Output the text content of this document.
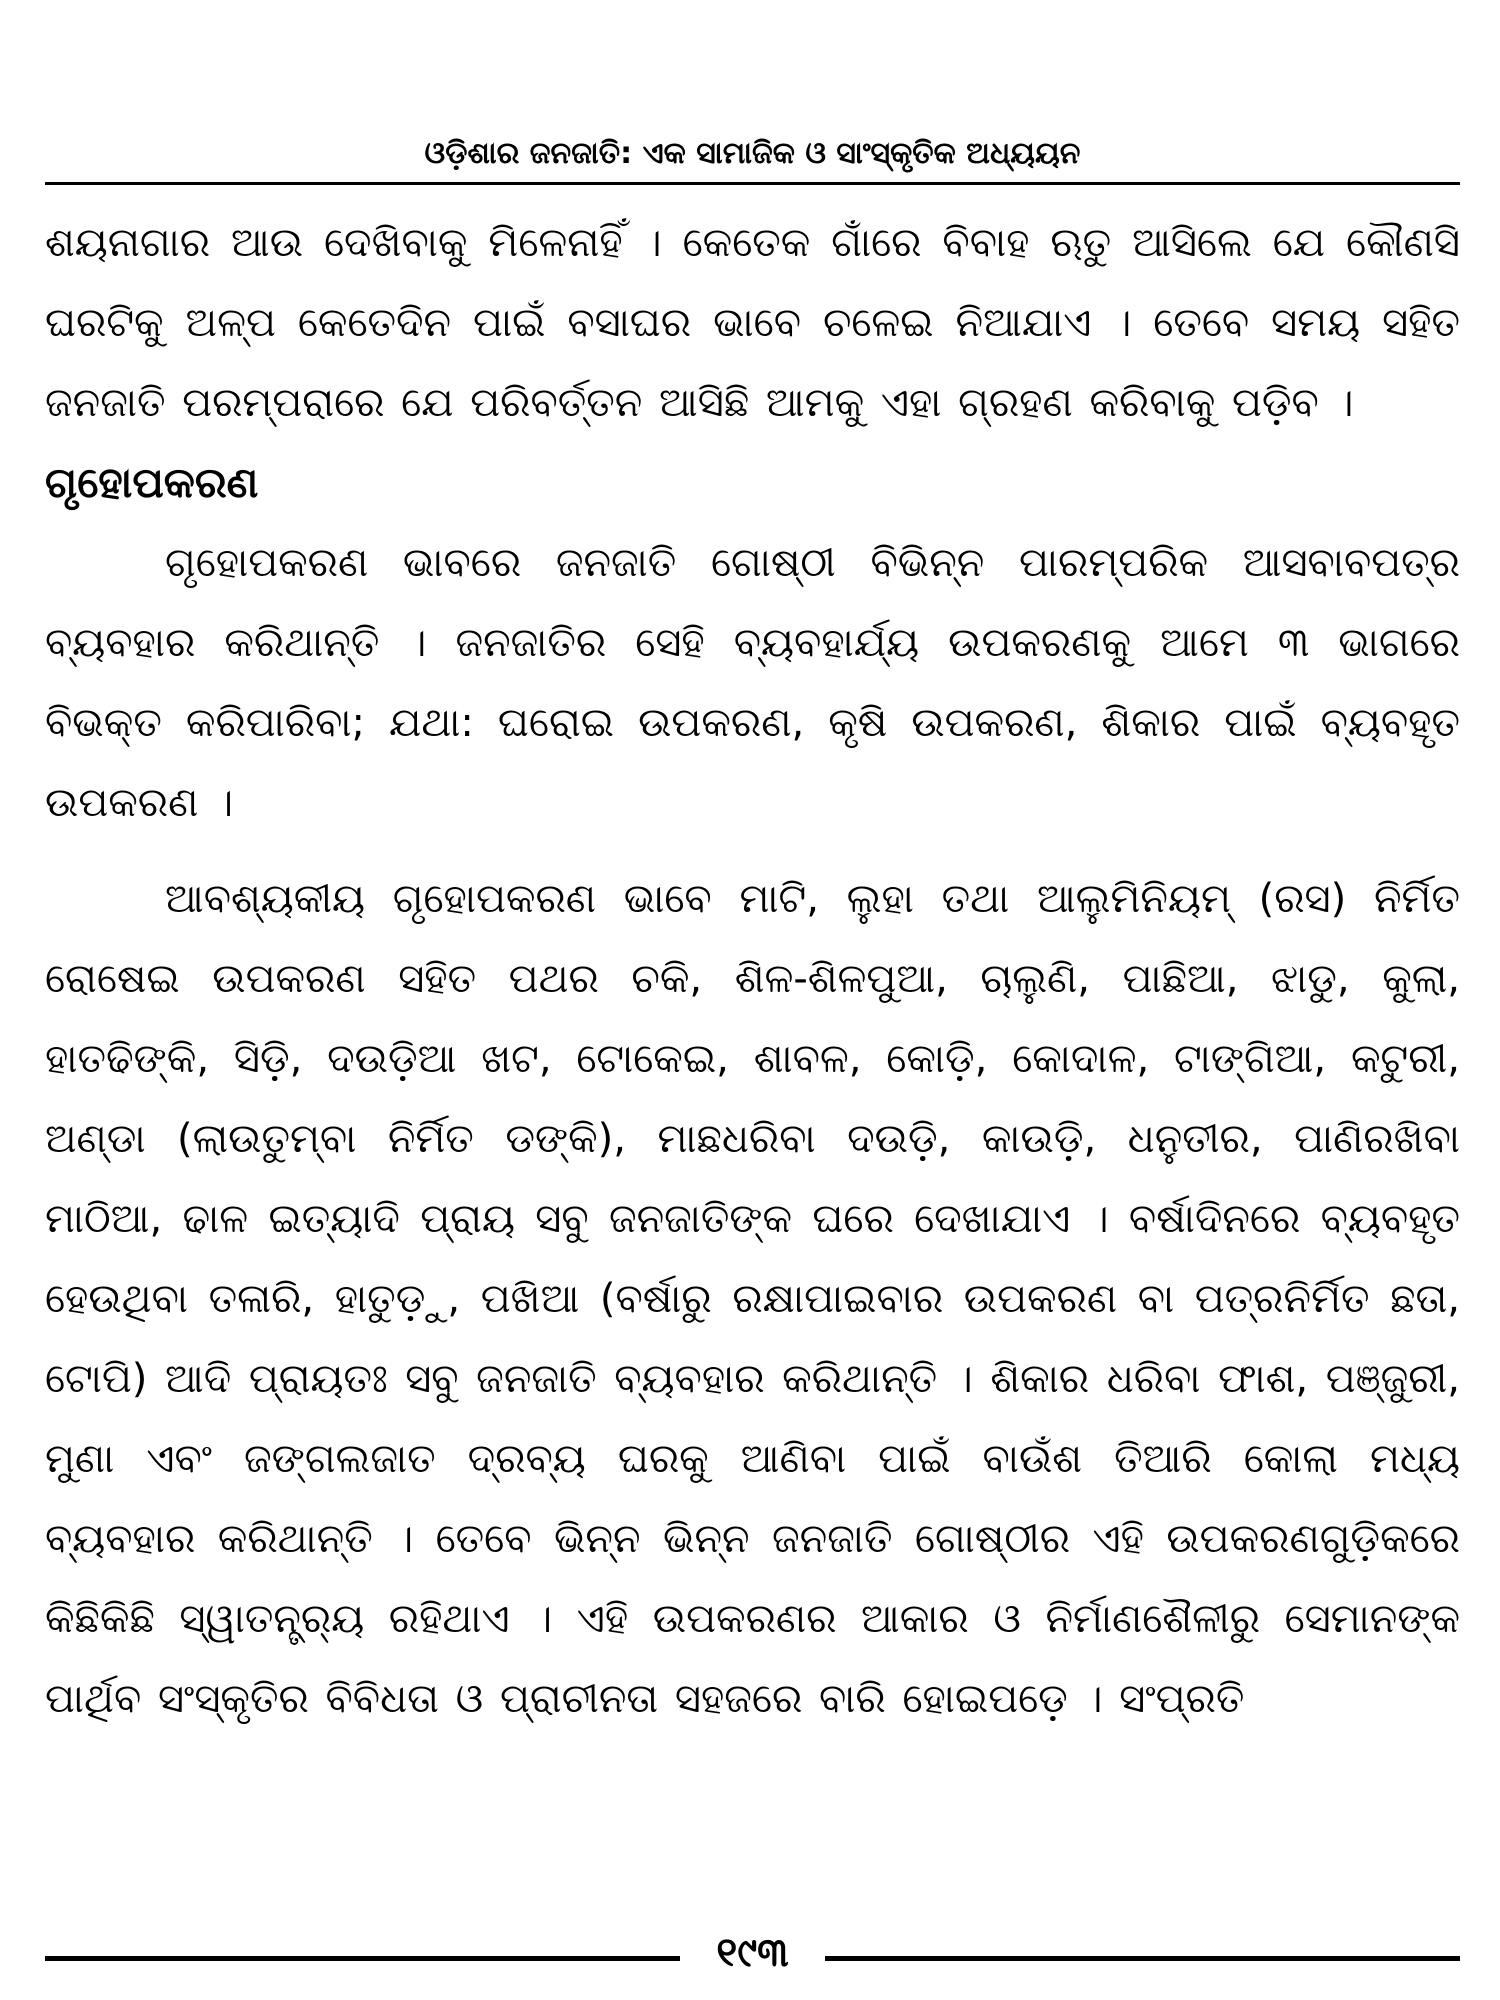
ଓଡ଼ିଶାର ଜନଜାତି: ଏକ ସାମାଜିକ ଓ ସାଂସ୍କୃତିକ ଅଧ୍ୟୟନ

ଶୟନାଗାର ଆଉ ଦେଖିବାକୁ ମିଳେନାହିଁ । କେତେକ ଗାଁରେ ବିବାହ ଋତୁ ଆସିଲେ ଯେ କୌଣସି ଘରଟିକୁ ଅଳ୍ପ କେତେଦିନ ପାଇଁ ବସାଘର ଭାବେ ଚଳେଇ ନିଆଯାଏ । ତେବେ ସମୟ ସହିତ ଜନଜାତି ପରମ୍ପରାରେ ଯେ ପରିବର୍ତ୍ତନ ଆସିଛି ଆମକୁ ଏହା ଗ୍ରହଣ କରିବାକୁ ପଡ଼ିବ ।

ଗୃହୋପକରଣ

ଗୃହୋପକରଣ ଭାବରେ ଜନଜାତି ଗୋଷ୍ଠୀ ବିଭିନ୍ନ ପାରମ୍ପରିକ ଆସବାବପତ୍ର ବ୍ୟବହାର କରିଥାନ୍ତି । ଜନଜାତିର ସେହି ବ୍ୟବହାର୍ଯ୍ୟ ଉପକରଣକୁ ଆମେ ୩ ଭାଗରେ ବିଭକ୍ତ କରିପାରିବା; ଯଥା: ଘରୋଇ ଉପକରଣ, କୃଷି ଉପକରଣ, ଶିକାର ପାଇଁ ବ୍ୟବହୃତ ଉପକରଣ ।

ଆବଶ୍ୟକୀୟ ଗୃହୋପକରଣ ଭାବେ ମାଟି, ଲୁହା ତଥା ଆଲୁମିନିୟମ୍ (ରସ) ନିର୍ମିତ ରୋଷେଇ ଉପକରଣ ସହିତ ପଥର ଚକି, ଶିଳ-ଶିଳପୁଆ, ଚାଲୁଣି, ପାଛିଆ, ଝାଡୁ, କୁଲା, ହାତଢିଙ୍କି, ସିଡ଼ି, ଦଉଡ଼ିଆ ଖଟ, ଟୋକେଇ, ଶାବଳ, କୋଡ଼ି, କୋଦାଳ, ଟାଙ୍ଗିଆ, କଟୁରୀ, ଅଣ୍ଡା (ଲାଉତୁମ୍ବା ନିର୍ମିତ ଡଙ୍କି), ମାଛଧରିବା ଦଉଡ଼ି, କାଉଡ଼ି, ଧନୁତୀର, ପାଣିରଖିବା ମାଠିଆ, ଢାଳ ଇତ୍ୟାଦି ପ୍ରାୟ ସବୁ ଜନଜାତିଙ୍କ ଘରେ ଦେଖାଯାଏ । ବର୍ଷାଦିନରେ ବ୍ୟବହୃତ ହେଉଥିବା ତଳାରି, ହାତୁଡ଼ୁ, ପଖିଆ (ବର୍ଷାରୁ ରକ୍ଷାପାଇବାର ଉପକରଣ ବା ପତ୍ରନିର୍ମିତ ଛତା, ଟୋପି) ଆଦି ପ୍ରାୟତଃ ସବୁ ଜନଜାତି ବ୍ୟବହାର କରିଥାନ୍ତି । ଶିକାର ଧରିବା ଫାଶ, ପଞ୍ଜୁରୀ, ମୁଣା ଏବଂ ଜଙ୍ଗଲଜାତ ଦ୍ରବ୍ୟ ଘରକୁ ଆଣିବା ପାଇଁ ବାଉଁଶ ତିଆରି କୋଲା ମଧ୍ୟ ବ୍ୟବହାର କରିଥାନ୍ତି । ତେବେ ଭିନ୍ନ ଭିନ୍ନ ଜନଜାତି ଗୋଷ୍ଠୀର ଏହି ଉପକରଣଗୁଡ଼ିକରେ କିଛିକିଛି ସ୍ୱାତନ୍ତ୍ର୍ୟ ରହିଥାଏ । ଏହି ଉପକରଣର ଆକାର ଓ ନିର୍ମାଣଶୈଳୀରୁ ସେମାନଙ୍କ ପାର୍ଥିବ ସଂସ୍କୃତିର ବିବିଧତା ଓ ପ୍ରାଚୀନତା ସହଜରେ ବାରି ହୋଇପଡ଼େ । ସଂପ୍ରତି

୧୯୩
